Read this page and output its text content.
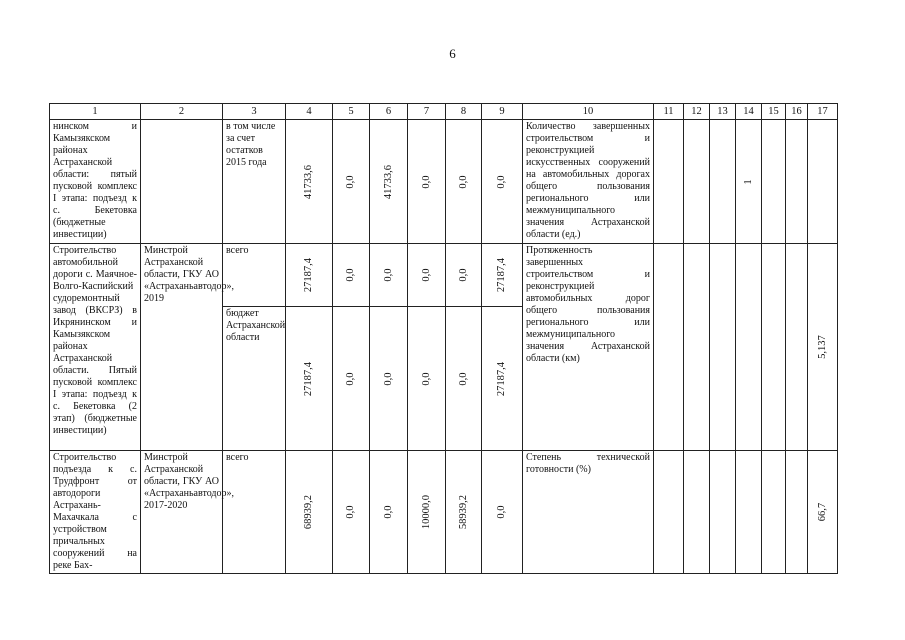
6
1	2	3	4	5	6	7	8	9	10	11	12	13	14	15	16	17
нинском и Камызякском районах Астраханской области: пятый пусковой комплекс I этапа: подъезд к с. Бекетовка (бюджетные инвестиции)		в том числе за счет остатков 2015 года	41733,6	0,0	41733,6	0,0	0,0	0,0	Количество завершенных строительством и реконструкцией искусственных сооружений на автомобильных дорогах общего пользования регионального или межмуниципального значения Астраханской области (ед.)				1			

Строительство автомобильной дороги с. Маячное-Волго-Каспийский судоремонтный завод (ВКСРЗ) в Икрянинском и Камызякском районах Астраханской области. Пятый пусковой комплекс I этапа: подъезд к с. Бекетовка (2 этап) (бюджетные инвестиции)	Минстрой Астраханской области, ГКУ АО «Астраханьавтодор», 2019	всего	27187,4	0,0	0,0	0,0	0,0	27187,4	Протяженность завершенных строительством и реконструкцией автомобильных дорог общего пользования регионального или межмуниципального значения Астраханской области (км)							5,137

		бюджет Астраханской области	27187,4	0,0	0,0	0,0	0,0	27187,4								

Строительство подъезда к с. Трудфронт от автодороги Астрахань-Махачкала с устройством причальных сооружений на реке Бах-	Минстрой Астраханской области, ГКУ АО «Астраханьавтодор», 2017-2020	всего	68939,2	0,0	0,0	10000,0	58939,2	0,0	Степень технической готовности (%)							66,7
